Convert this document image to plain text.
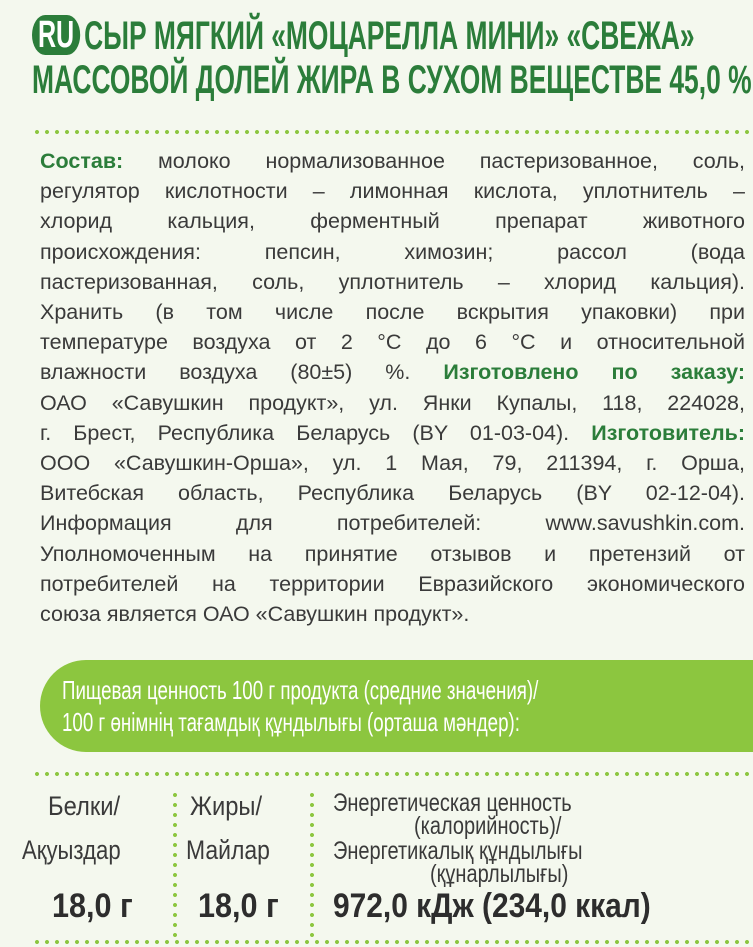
RU СЫР МЯГКИЙ «МОЦАРЕЛЛА МИНИ» «СВЕЖА»
МАССОВОЙ ДОЛЕЙ ЖИРА В СУХОМ ВЕЩЕСТВЕ 45,0 %
Состав: молоко нормализованное пастеризованное, соль,
регулятор кислотности – лимонная кислота, уплотнитель –
хлорид кальция, ферментный препарат животного
происхождения: пепсин, химозин; рассол (вода
пастеризованная, соль, уплотнитель – хлорид кальция).
Хранить (в том числе после вскрытия упаковки) при
температуре воздуха от 2 °С до 6 °С и относительной
влажности воздуха (80±5) %. Изготовлено по заказу:
ОАО «Савушкин продукт», ул. Янки Купалы, 118, 224028,
г. Брест, Республика Беларусь (BY 01-03-04). Изготовитель:
ООО «Савушкин-Орша», ул. 1 Мая, 79, 211394, г. Орша,
Витебская область, Республика Беларусь (BY 02-12-04).
Информация для потребителей: www.savushkin.com.
Уполномоченным на принятие отзывов и претензий от
потребителей на территории Евразийского экономического
союза является ОАО «Савушкин продукт».
Пищевая ценность 100 г продукта (средние значения)/
100 г өнімнің тағамдық құндылығы (орташа мәндер):
Белки/
Ақуыздар
18,0 г
Жиры/
Майлар
18,0 г
Энергетическая ценность
(калорийность)/
Энергетикалық құндылығы
(құнарлылығы)
972,0 кДж (234,0 ккал)
